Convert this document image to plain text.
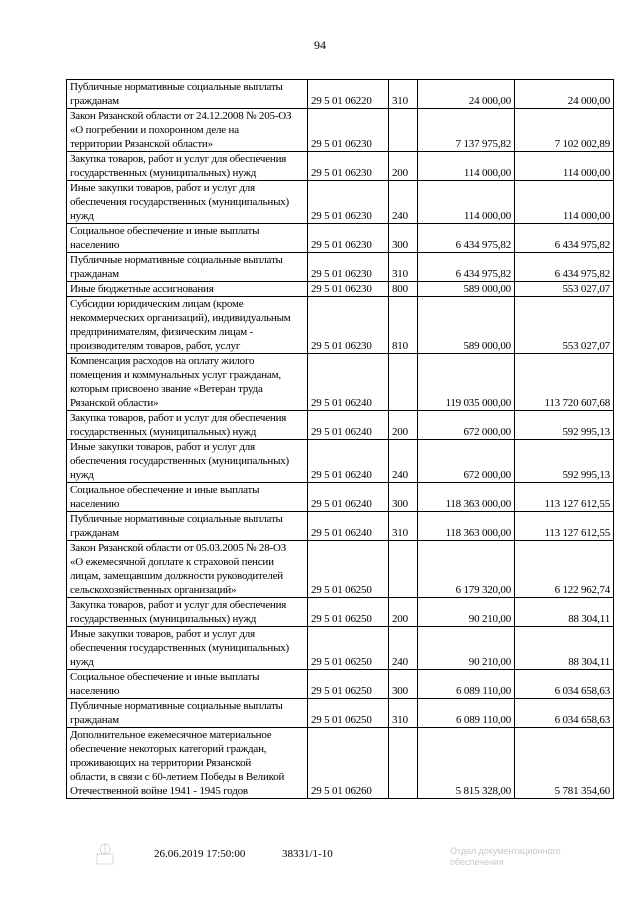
94
Публичные нормативные социальные выплаты
гражданам	29 5 01 06220	310	24 000,00	24 000,00

Закон Рязанской области от 24.12.2008 № 205-ОЗ
«О погребении и похоронном деле на
территории Рязанской области»	29 5 01 06230		7 137 975,82	7 102 002,89

Закупка товаров, работ и услуг для обеспечения
государственных (муниципальных) нужд	29 5 01 06230	200	114 000,00	114 000,00

Иные закупки товаров, работ и услуг для
обеспечения государственных (муниципальных)
нужд	29 5 01 06230	240	114 000,00	114 000,00

Социальное обеспечение и иные выплаты
населению	29 5 01 06230	300	6 434 975,82	6 434 975,82

Публичные нормативные социальные выплаты
гражданам	29 5 01 06230	310	6 434 975,82	6 434 975,82

Иные бюджетные ассигнования	29 5 01 06230	800	589 000,00	553 027,07

Субсидии юридическим лицам (кроме
некоммерческих организаций), индивидуальным
предпринимателям, физическим лицам -
производителям товаров, работ, услуг	29 5 01 06230	810	589 000,00	553 027,07

Компенсация расходов на оплату жилого
помещения и коммунальных услуг гражданам,
которым присвоено звание «Ветеран труда
Рязанской области»	29 5 01 06240		119 035 000,00	113 720 607,68

Закупка товаров, работ и услуг для обеспечения
государственных (муниципальных) нужд	29 5 01 06240	200	672 000,00	592 995,13

Иные закупки товаров, работ и услуг для
обеспечения государственных (муниципальных)
нужд	29 5 01 06240	240	672 000,00	592 995,13

Социальное обеспечение и иные выплаты
населению	29 5 01 06240	300	118 363 000,00	113 127 612,55

Публичные нормативные социальные выплаты
гражданам	29 5 01 06240	310	118 363 000,00	113 127 612,55

Закон Рязанской области от 05.03.2005 № 28-ОЗ
«О ежемесячной доплате к страховой пенсии
лицам, замещавшим должности руководителей
сельскохозяйственных организаций»	29 5 01 06250		6 179 320,00	6 122 962,74

Закупка товаров, работ и услуг для обеспечения
государственных (муниципальных) нужд	29 5 01 06250	200	90 210,00	88 304,11

Иные закупки товаров, работ и услуг для
обеспечения государственных (муниципальных)
нужд	29 5 01 06250	240	90 210,00	88 304,11

Социальное обеспечение и иные выплаты
населению	29 5 01 06250	300	6 089 110,00	6 034 658,63

Публичные нормативные социальные выплаты
гражданам	29 5 01 06250	310	6 089 110,00	6 034 658,63

Дополнительное ежемесячное материальное
обеспечение некоторых категорий граждан,
проживающих на территории Рязанской
области, в связи с 60-летием Победы в Великой
Отечественной войне 1941 - 1945 годов	29 5 01 06260		5 815 328,00	5 781 354,60
26.06.2019 17:50:00	38331/1-10	Отдел документационного
обеспечения
